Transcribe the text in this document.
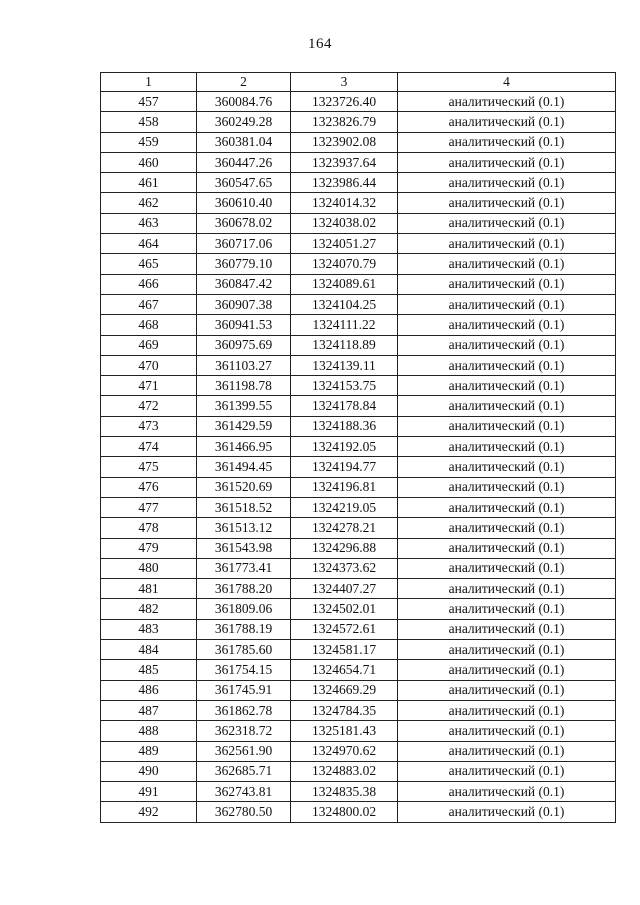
164
1	2	3	4
457	360084.76	1323726.40	аналитический (0.1)
458	360249.28	1323826.79	аналитический (0.1)
459	360381.04	1323902.08	аналитический (0.1)
460	360447.26	1323937.64	аналитический (0.1)
461	360547.65	1323986.44	аналитический (0.1)
462	360610.40	1324014.32	аналитический (0.1)
463	360678.02	1324038.02	аналитический (0.1)
464	360717.06	1324051.27	аналитический (0.1)
465	360779.10	1324070.79	аналитический (0.1)
466	360847.42	1324089.61	аналитический (0.1)
467	360907.38	1324104.25	аналитический (0.1)
468	360941.53	1324111.22	аналитический (0.1)
469	360975.69	1324118.89	аналитический (0.1)
470	361103.27	1324139.11	аналитический (0.1)
471	361198.78	1324153.75	аналитический (0.1)
472	361399.55	1324178.84	аналитический (0.1)
473	361429.59	1324188.36	аналитический (0.1)
474	361466.95	1324192.05	аналитический (0.1)
475	361494.45	1324194.77	аналитический (0.1)
476	361520.69	1324196.81	аналитический (0.1)
477	361518.52	1324219.05	аналитический (0.1)
478	361513.12	1324278.21	аналитический (0.1)
479	361543.98	1324296.88	аналитический (0.1)
480	361773.41	1324373.62	аналитический (0.1)
481	361788.20	1324407.27	аналитический (0.1)
482	361809.06	1324502.01	аналитический (0.1)
483	361788.19	1324572.61	аналитический (0.1)
484	361785.60	1324581.17	аналитический (0.1)
485	361754.15	1324654.71	аналитический (0.1)
486	361745.91	1324669.29	аналитический (0.1)
487	361862.78	1324784.35	аналитический (0.1)
488	362318.72	1325181.43	аналитический (0.1)
489	362561.90	1324970.62	аналитический (0.1)
490	362685.71	1324883.02	аналитический (0.1)
491	362743.81	1324835.38	аналитический (0.1)
492	362780.50	1324800.02	аналитический (0.1)
